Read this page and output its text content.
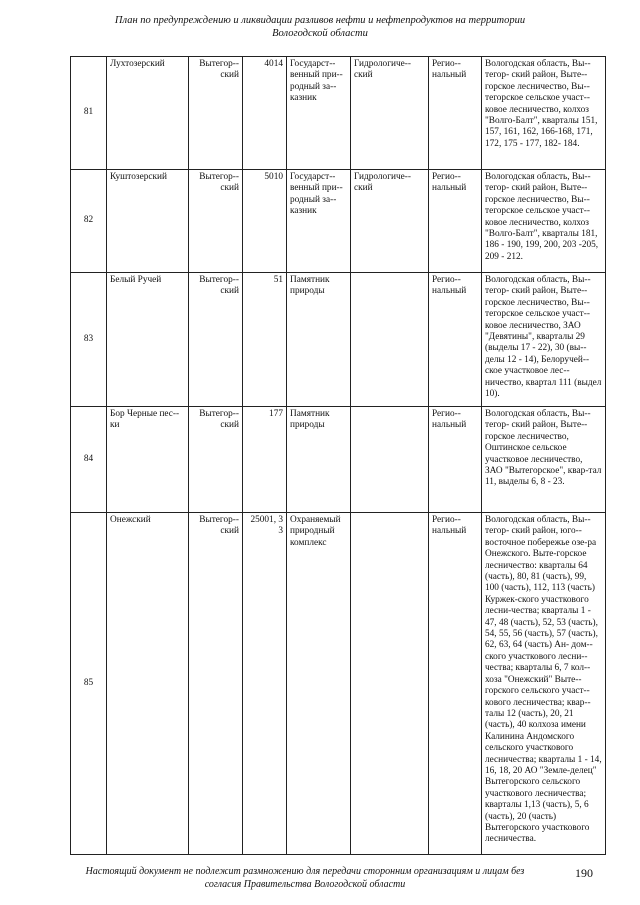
План по предупреждению и ликвидации разливов нефти и нефтепродуктов на территории
Вологодской области
81	Лухтозерский	Вытегор-ский	4014	Государст-венный при-родный за-казник	Гидрологиче-ский	Регио-нальный	Вологодская область, Вы-тегор- ский район, Выте-горское лесничество, Вы-тегорское сельское участ-ковое лесничество, колхоз "Волго-Балт", кварталы 151, 157, 161, 162, 166-168, 171, 172, 175 - 177, 182- 184.
82	Куштозерский	Вытегор-ский	5010	Государст-венный при-родный за-казник	Гидрологиче-ский	Регио-нальный	Вологодская область, Вы-тегор- ский район, Выте-горское лесничество, Вы-тегорское сельское участ-ковое лесничество, колхоз "Волго-Балт", кварталы 181, 186 - 190, 199, 200, 203 -205, 209 - 212.
83	Белый Ручей	Вытегор-ский	51	Памятник природы		Регио-нальный	Вологодская область, Вы-тегор- ский район, Выте-горское лесничество, Вы-тегорское сельское участ-ковое лесничество, ЗАО "Девятины", кварталы 29 (выделы 17 - 22), 30 (вы-делы 12 - 14), Белоручей-ское участковое лес-ничество, квартал 111 (выдел 10).
84	Бор Черные пес-ки	Вытегор-ский	177	Памятник природы		Регио-нальный	Вологодская область, Вы-тегор- ский район, Выте-горское лесничество, Оштинское сельское участковое лесничество, ЗАО "Вытегорское", квар-тал 11, выделы 6, 8 - 23.
85	Онежский	Вытегор-ский	25001, 3 3	Охраняемый природный комплекс		Регио-нальный	Вологодская область, Вы-тегор- ский район, юго-восточное побережье озе-ра Онежского. Выте-горское лесничество: кварталы 64 (часть), 80, 81 (часть), 99, 100 (часть), 112, 113 (часть) Куржек-ского участкового лесни-чества; кварталы 1 - 47, 48 (часть), 52, 53 (часть), 54, 55, 56 (часть), 57 (часть), 62, 63, 64 (часть) Ан- дом-ского участкового лесни-чества; кварталы 6, 7 кол-хоза "Онежский" Выте-горского сельского участ-кового лесничества; квар-талы 12 (часть), 20, 21 (часть), 40 колхоза имени Калинина Андомского сельского участкового лесничества; кварталы 1 - 14, 16, 18, 20 АО "Земле-делец" Вытегорского сельского участкового лесничества; кварталы 1,13 (часть), 5, 6 (часть), 20 (часть) Вытегорского участкового лесничества.
Настоящий документ не подлежит размножению для передачи сторонним организациям и лицам без
согласия Правительства Вологодской области
190
